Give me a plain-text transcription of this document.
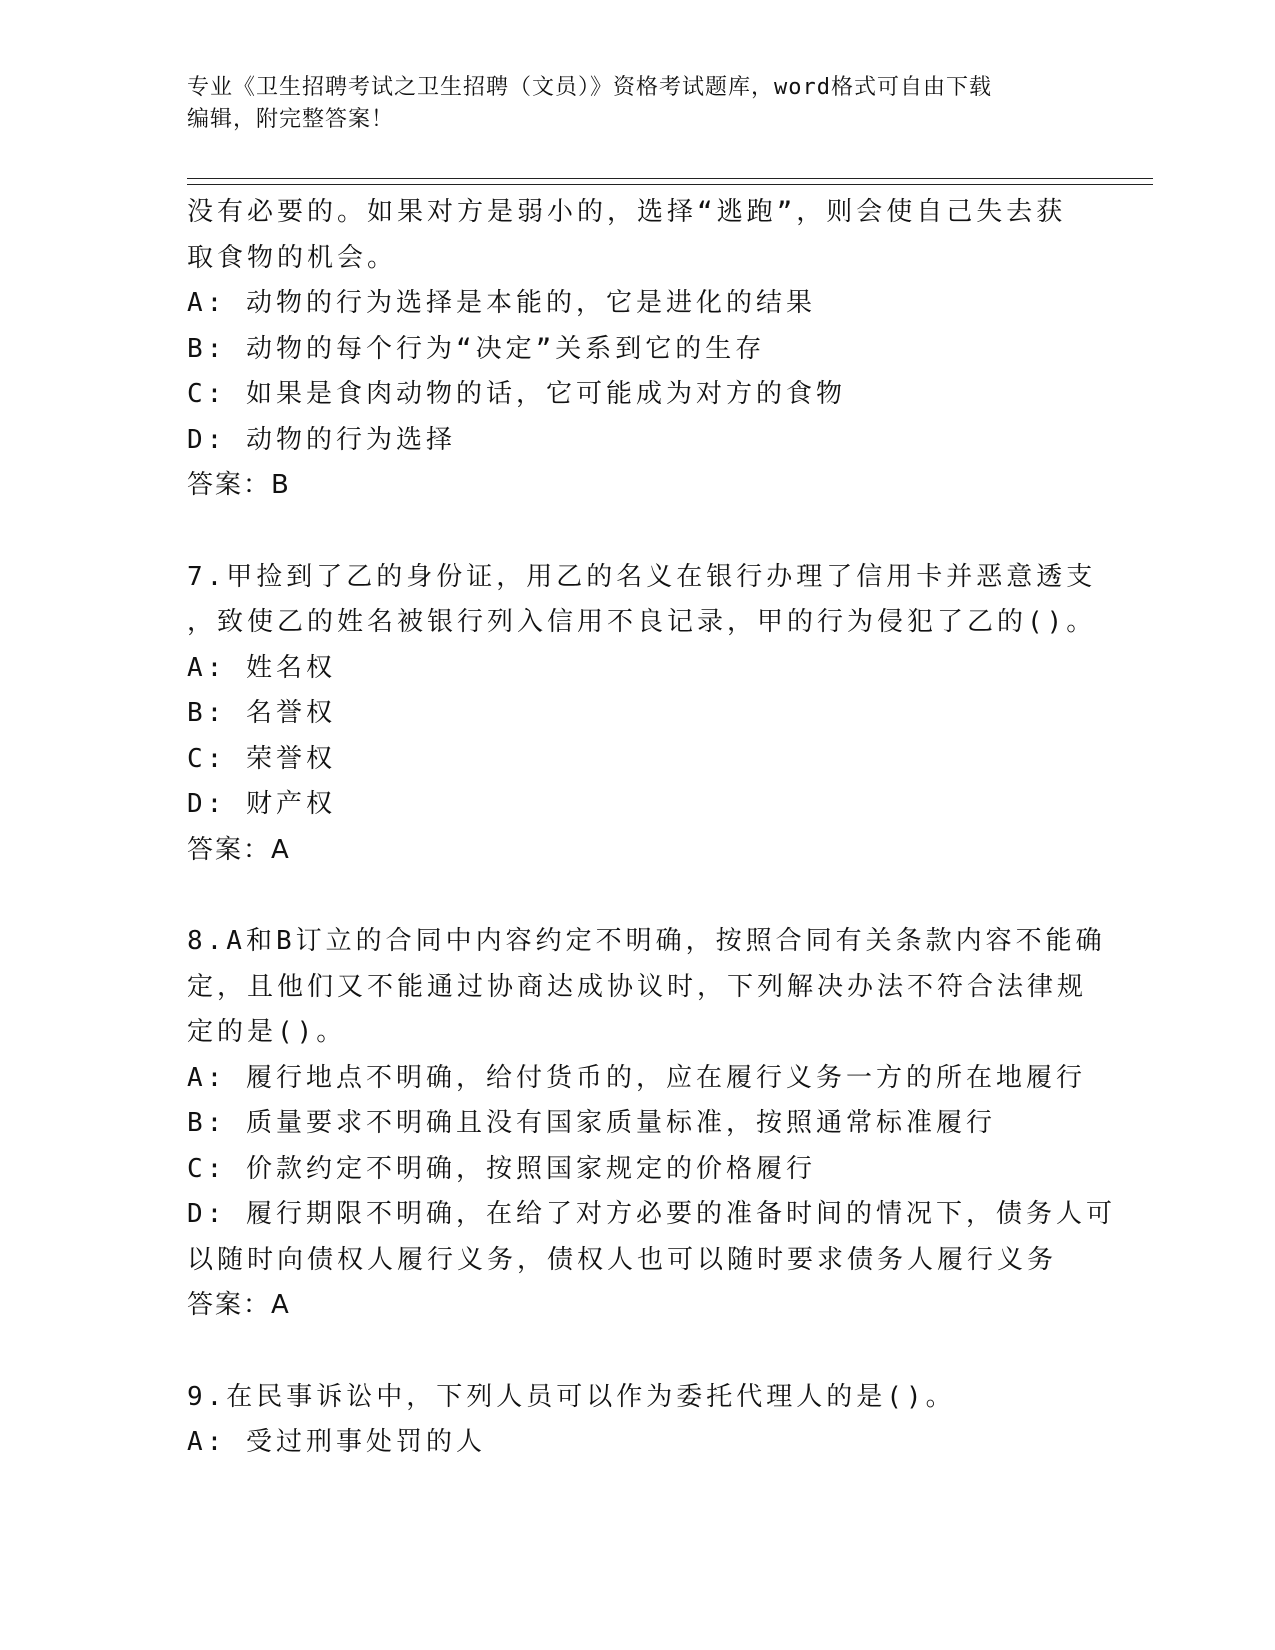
专业《卫生招聘考试之卫生招聘（文员）》资格考试题库，word格式可自由下载
编辑，附完整答案！
没有必要的。如果对方是弱小的，选择“逃跑”，则会使自己失去获
取食物的机会。
A: 动物的行为选择是本能的，它是进化的结果
B: 动物的每个行为“决定”关系到它的生存
C: 如果是食肉动物的话，它可能成为对方的食物
D: 动物的行为选择
答案：B
7.甲捡到了乙的身份证，用乙的名义在银行办理了信用卡并恶意透支
，致使乙的姓名被银行列入信用不良记录，甲的行为侵犯了乙的()。
A: 姓名权
B: 名誉权
C: 荣誉权
D: 财产权
答案：A
8.A和B订立的合同中内容约定不明确，按照合同有关条款内容不能确
定，且他们又不能通过协商达成协议时，下列解决办法不符合法律规
定的是()。
A: 履行地点不明确，给付货币的，应在履行义务一方的所在地履行
B: 质量要求不明确且没有国家质量标准，按照通常标准履行
C: 价款约定不明确，按照国家规定的价格履行
D: 履行期限不明确，在给了对方必要的准备时间的情况下，债务人可
以随时向债权人履行义务，债权人也可以随时要求债务人履行义务
答案：A
9.在民事诉讼中，下列人员可以作为委托代理人的是()。
A: 受过刑事处罚的人
